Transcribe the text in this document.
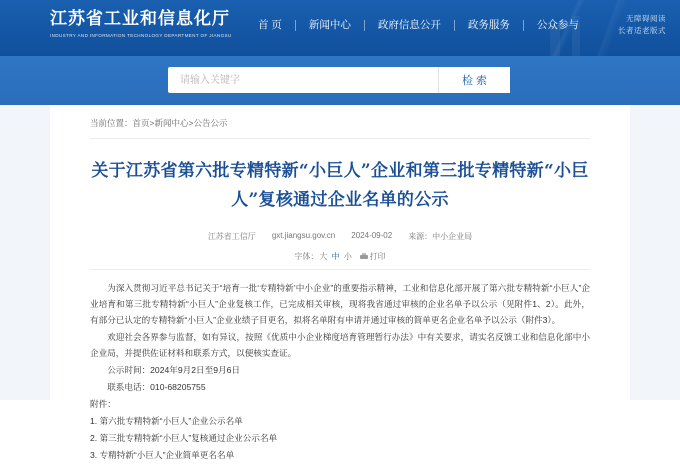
江苏省工业和信息化厅
INDUSTRY AND INFORMATION TECHNOLOGY DEPARTMENT OF JIANGSU
首 页	新闻中心	政府信息公开	政务服务	公众参与
无障碍阅读
长者适老版式
请输入关键字
检 索
当前位置：首页>新闻中心>公告公示
关于江苏省第六批专精特新“小巨人”企业和第三批专精特新“小巨人”复核通过企业名单的公示
江苏省工信厅 gxt.jiangsu.gov.cn 2024-09-02 来源：中小企业局
字体：大 中 小 打印

为深入贯彻习近平总书记关于“培育一批‘专精特新’中小企业”的重要指示精神，工业和信息化部开展了第六批专精特新“小巨人”企业培育和第三批专精特新“小巨人”企业复核工作，已完成相关审核，现将我省通过审核的企业名单予以公示（见附件1、2）。此外，有部分已认定的专精特新“小巨人”企业业绩子目更名，拟将名单附有申请并通过审核的简单更名企业名单予以公示（附件3）。

欢迎社会各界参与监督，如有异议，按照《优质中小企业梯度培育管理暂行办法》中有关要求，请实名反馈工业和信息化部中小企业局，并提供佐证材料和联系方式，以便核实查证。

公示时间：2024年9月2日至9月6日

联系电话：010-68205755

附件：

1. 第六批专精特新“小巨人”企业公示名单

2. 第三批专精特新“小巨人”复核通过企业公示名单

3. 专精特新“小巨人”企业简单更名名单
